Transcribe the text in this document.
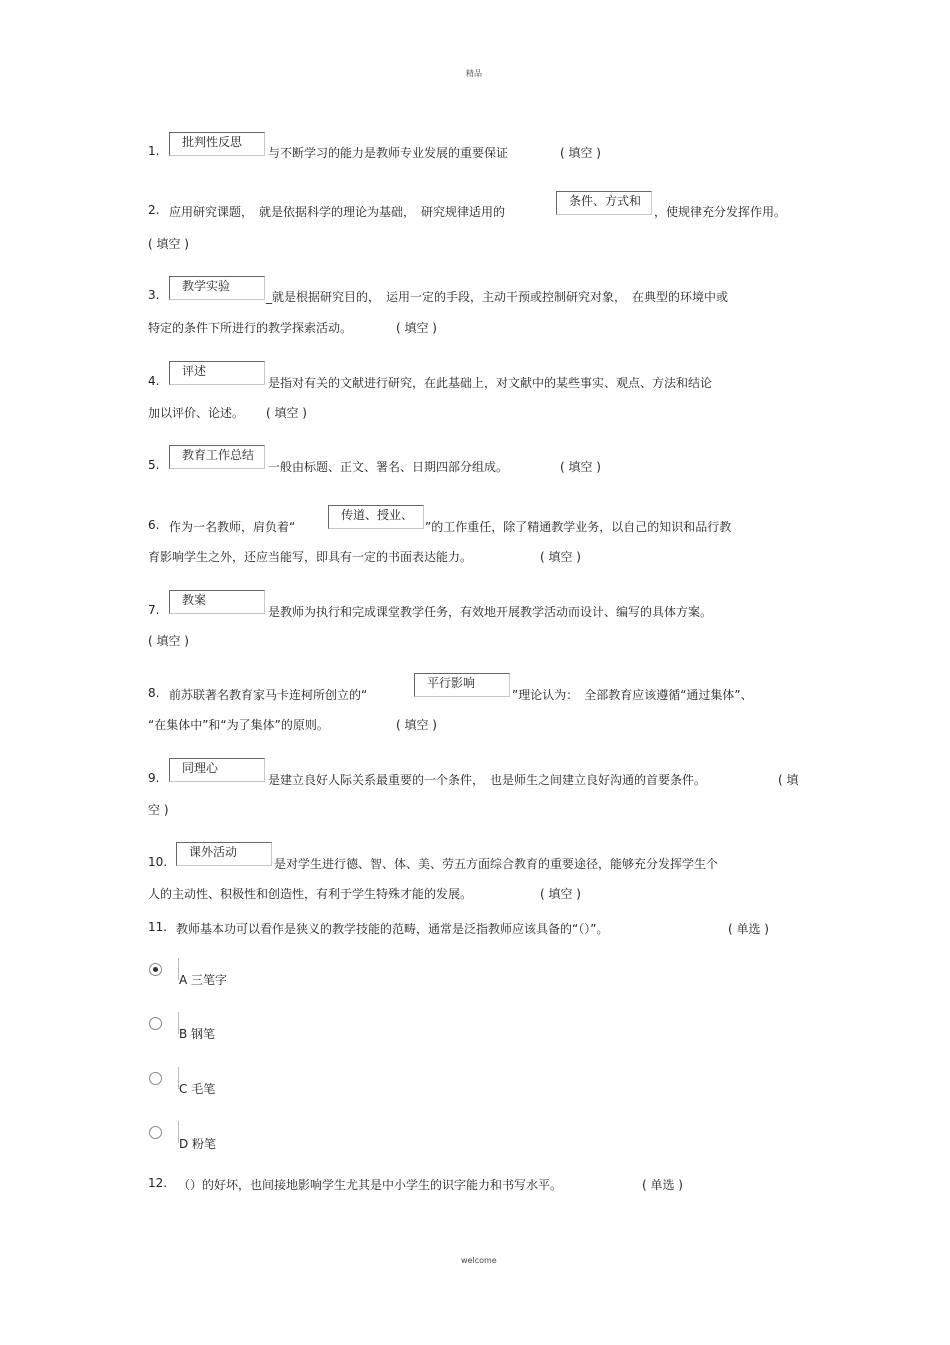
精品
1.
批判性反思
与不断学习的能力是教师专业发展的重要保证	( 填空 )
2. 应用研究课题，　就是依据科学的理论为基础，　研究规律适用的
条件、方式和
，使规律充分发挥作用。
( 填空 )
3.
教学实验
_就是根据研究目的，　运用一定的手段，主动干预或控制研究对象，　在典型的环境中或
特定的条件下所进行的教学探索活动。	( 填空 )
4.
评述
是指对有关的文献进行研究，在此基础上，对文献中的某些事实、观点、方法和结论
加以评价、论述。 ( 填空 )
5.
教育工作总结
一般由标题、正文、署名、日期四部分组成。	( 填空 )
6. 作为一名教师，肩负着“
传道、授业、
”的工作重任，除了精通教学业务，以自己的知识和品行教
育影响学生之外，还应当能写，即具有一定的书面表达能力。	( 填空 )
7.
教案
是教师为执行和完成课堂教学任务，有效地开展教学活动而设计、编写的具体方案。
( 填空 )
8. 前苏联著名教育家马卡连柯所创立的“
平行影响
”理论认为：　全部教育应该遵循“通过集体”、
“在集体中”和“为了集体”的原则。	( 填空 )
9.
同理心
是建立良好人际关系最重要的一个条件，　也是师生之间建立良好沟通的首要条件。	( 填
空 )
10.
课外活动
是对学生进行德、智、体、美、劳五方面综合教育的重要途径，能够充分发挥学生个
人的主动性、积极性和创造性，有利于学生特殊才能的发展。	( 填空 )
11. 教师基本功可以看作是狭义的教学技能的范畴，通常是泛指教师应该具备的“（）”。	( 单选 )
A 三笔字
B 钢笔
C 毛笔
D 粉笔
12. （）的好坏，也间接地影响学生尤其是中小学生的识字能力和书写水平。	( 单选 )
welcome
